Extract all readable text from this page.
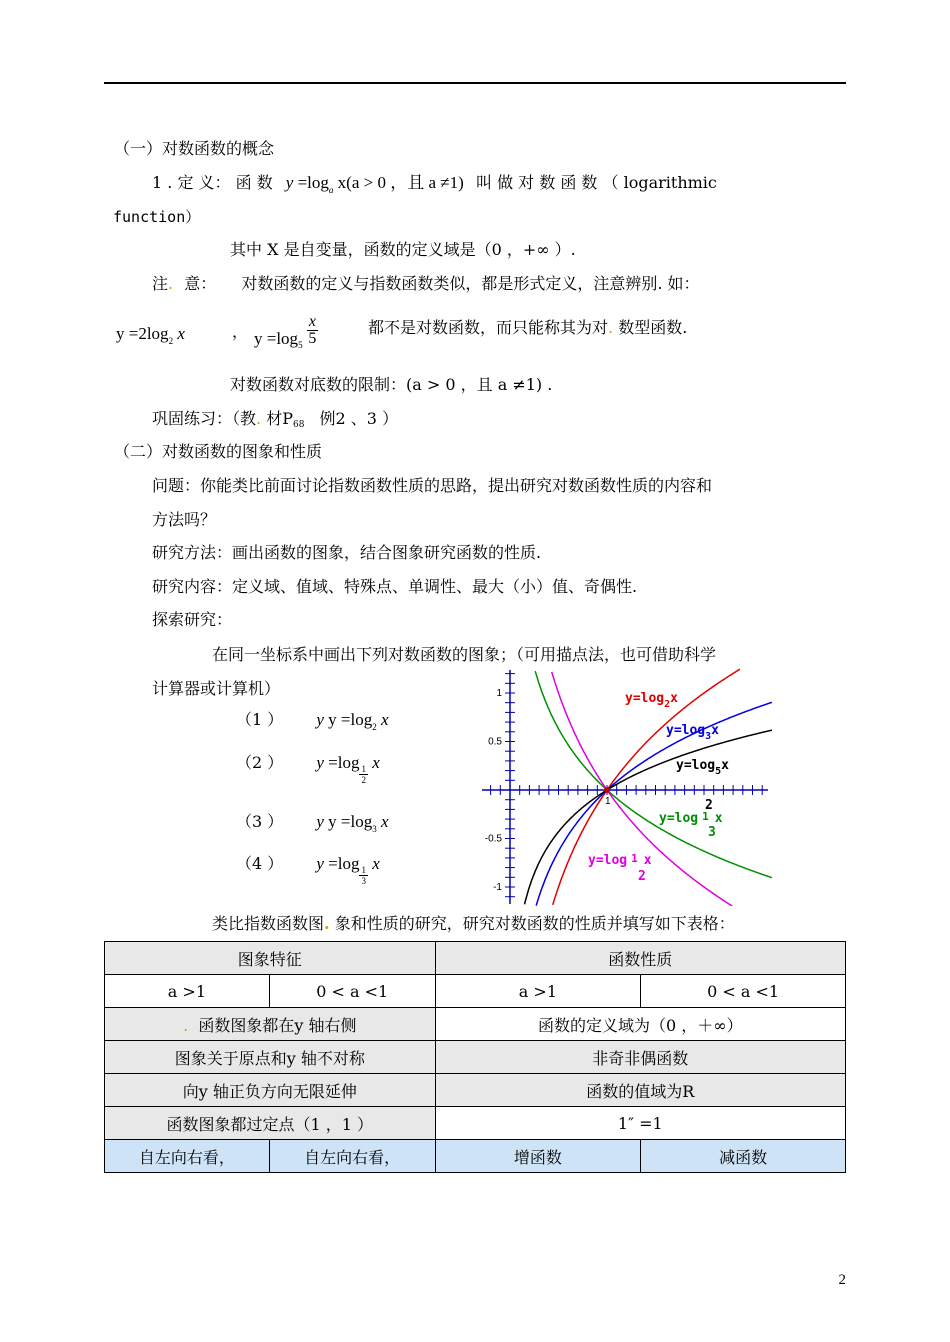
（一）对数函数的概念
1 . 定 义： 函 数 $y =\log_a$ x(a > 0 ，且 a ≠1) 叫 做 对 数 函 数 （ logarithmic
function）
其中 X 是自变量，函数的定义域是（0 ，+∞ ）.
注. 意： 对数函数的定义与指数函数类似，都是形式定义，注意辨别. 如：
$y =2\log_2$ x	， $y =\log_5 \frac{x}{5}$	都不是对数函数，而只能称其为对. 数型函数.
对数函数对底数的限制：(a > 0 ，且 a ≠1) .
巩固练习：（教. 材P68 例2 、3 ）
（二）对数函数的图象和性质
问题：你能类比前面讨论指数函数性质的思路，提出研究对数函数性质的内容和
方法吗？
研究方法：画出函数的图象，结合图象研究函数的性质.
研究内容：定义域、值域、特殊点、单调性、最大（小）值、奇偶性.
探索研究：
在同一坐标系中画出下列对数函数的图象；（可用描点法，也可借助科学
计算器或计算机）
（1 ） y $y =\log_2$ x
（2 ） y =log
$\frac{1}{2}$
x
（3 ） y $y =\log_3$ x
（4 ） y =log
$\frac{1}{3}$
x
1
0.5
-0.5
-1
1
$y=\log_2x$
$y=\log_3x$
$y=\log_5x$
2
y=log 1 x
3
y=log 1 x
2
类比指数函数图. 象和性质的研究，研究对数函数的性质并填写如下表格：
图象特征		函数性质	
a >1	0 < a <1	a >1	0 < a <1
. 函数图象都在y 轴右侧		函数的定义域为（0 ，＋∞）	
图象关于原点和y 轴不对称		非奇非偶函数	
向y 轴正负方向无限延伸		函数的值域为R	
函数图象都过定点（1 ，1 ）		1″ =1	
自左向右看，	自左向右看，	增函数	减函数
2
